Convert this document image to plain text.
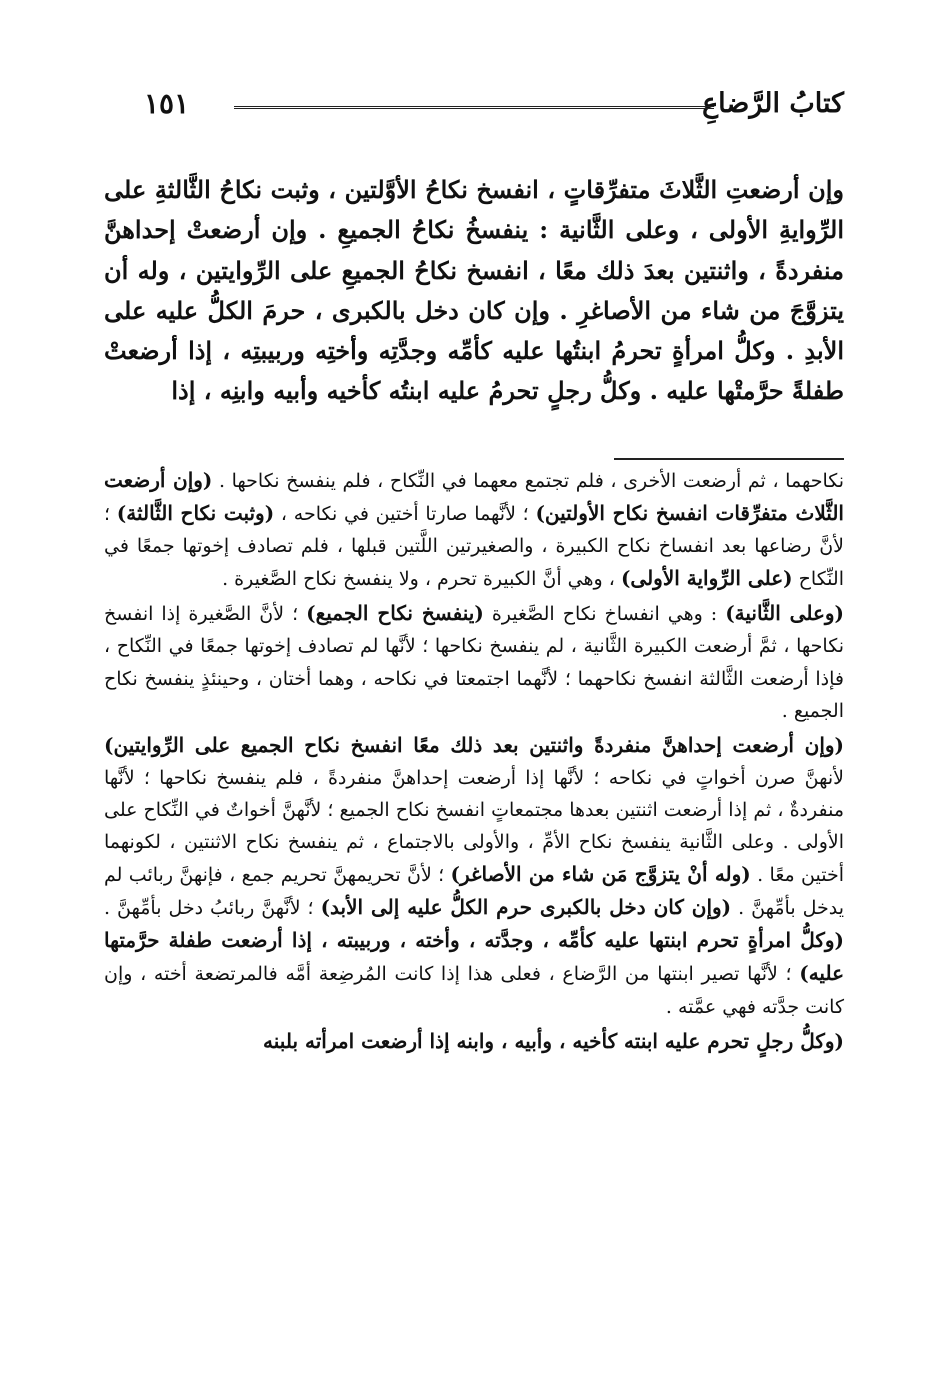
كتابُ الرَّضاعِ
١٥١

وإن أرضعتِ الثَّلاثَ متفرِّقاتٍ ، انفسخ نكاحُ الأوَّلتين ، وثبت نكاحُ الثَّالثةِ على الرِّوايةِ الأولى ، وعلى الثَّانية : ينفسخُ نكاحُ الجميعِ . وإن أرضعتْ إحداهنَّ منفردةً ، واثنتين بعدَ ذلك معًا ، انفسخ نكاحُ الجميعِ على الرِّوايتين ، وله أن يتزوَّجَ من شاء من الأصاغرِ . وإن كان دخل بالكبرى ، حرمَ الكلُّ عليه على الأبدِ . وكلُّ امرأةٍ تحرمُ ابنتُها عليه كأمِّه وجدَّتِه وأختِه وربيبتِه ، إذا أرضعتْ طفلةً حرَّمتْها عليه . وكلُّ رجلٍ تحرمُ عليه ابنتُه كأخيه وأبيه وابنِه ، إذا

نكاحهما ، ثم أرضعت الأخرى ، فلم تجتمع معهما في النِّكاح ، فلم ينفسخ نكاحها . (وإن أرضعت الثَّلاث متفرِّقات انفسخ نكاح الأولتين) ؛ لأنَّهما صارتا أختين في نكاحه ، (وثبت نكاح الثَّالثة) ؛ لأنَّ رضاعها بعد انفساخ نكاح الكبيرة ، والصغيرتين اللَّتين قبلها ، فلم تصادف إخوتها جمعًا في النِّكاح (على الرِّواية الأولى) ، وهي أنَّ الكبيرة تحرم ، ولا ينفسخ نكاح الصَّغيرة .

(وعلى الثَّانية) : وهي انفساخ نكاح الصَّغيرة (ينفسخ نكاح الجميع) ؛ لأنَّ الصَّغيرة إذا انفسخ نكاحها ، ثمَّ أرضعت الكبيرة الثَّانية ، لم ينفسخ نكاحها ؛ لأنَّها لم تصادف إخوتها جمعًا في النِّكاح ، فإذا أرضعت الثَّالثة انفسخ نكاحهما ؛ لأنَّهما اجتمعتا في نكاحه ، وهما أختان ، وحينئذٍ ينفسخ نكاح الجميع .

(وإن أرضعت إحداهنَّ منفردةً واثنتين بعد ذلك معًا انفسخ نكاح الجميع على الرِّوايتين) لأنهنَّ صرن أخواتٍ في نكاحه ؛ لأنَّها إذا أرضعت إحداهنَّ منفردةً ، فلم ينفسخ نكاحها ؛ لأنَّها منفردةٌ ، ثم إذا أرضعت اثنتين بعدها مجتمعاتٍ انفسخ نكاح الجميع ؛ لأنَّهنَّ أخواتٌ في النِّكاح على الأولى . وعلى الثَّانية ينفسخ نكاح الأمِّ ، والأولى بالاجتماع ، ثم ينفسخ نكاح الاثنتين ، لكونهما أختين معًا . (وله أنْ يتزوَّج مَن شاء من الأصاغر) ؛ لأنَّ تحريمهنَّ تحريم جمع ، فإنهنَّ ربائب لم يدخل بأمِّهنَّ . (وإن كان دخل بالكبرى حرم الكلُّ عليه إلى الأبد) ؛ لأنَّهنَّ ربائبُ دخل بأمِّهنَّ . (وكلُّ امرأةٍ تحرم ابنتها عليه كأمِّه ، وجدَّته ، وأخته ، وربيبته ، إذا أرضعت طفلة حرَّمتها عليه) ؛ لأنَّها تصير ابنتها من الرَّضاع ، فعلى هذا إذا كانت المُرضِعة أمَّه فالمرتضعة أخته ، وإن كانت جدَّته فهي عمَّته .

(وكلُّ رجلٍ تحرم عليه ابنته كأخيه ، وأبيه ، وابنه إذا أرضعت امرأته بلبنه
